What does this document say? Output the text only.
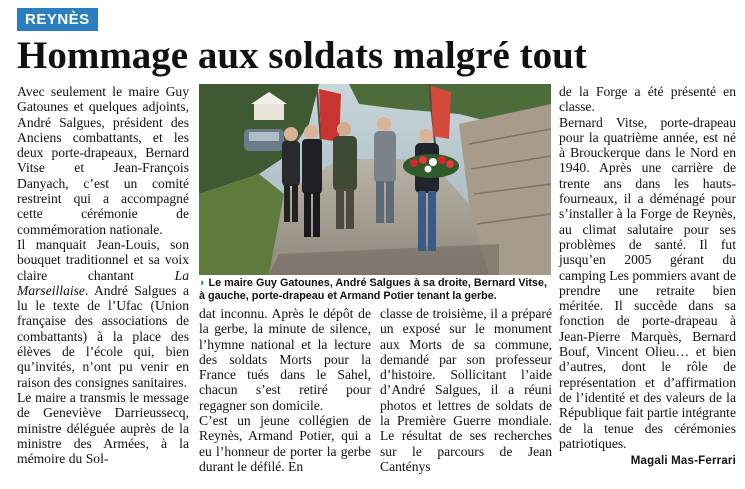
REYNÈS
Hommage aux soldats malgré tout

Avec seulement le maire Guy Gatounes et quelques adjoints, André Salgues, président des Anciens combattants, et les deux porte-drapeaux, Bernard Vitse et Jean-François Danyach, c’est un comité restreint qui a accompagné cette cérémonie de commémoration nationale.

Il manquait Jean-Louis, son bouquet traditionnel et sa voix claire chantant La Marseillaise. André Salgues a lu le texte de l’Ufac (Union française des associations de combattants) à la place des élèves de l’école qui, bien qu’invités, n’ont pu venir en raison des consignes sanitaires.

Le maire a transmis le message de Geneviève Darrieussecq, ministre déléguée auprès de la ministre des Armées, à la mémoire du Sol-

◗ Le maire Guy Gatounes, André Salgues à sa droite, Bernard Vitse, à gauche, porte-drapeau et Armand Potier tenant la gerbe.

dat inconnu. Après le dépôt de la gerbe, la minute de silence, l’hymne national et la lecture des soldats Morts pour la France tués dans le Sahel, chacun s’est retiré pour regagner son domicile.

C’est un jeune collégien de Reynès, Armand Potier, qui a eu l’honneur de porter la gerbe durant le défilé. En

classe de troisième, il a préparé un exposé sur le monument aux Morts de sa commune, demandé par son professeur d’histoire. Sollicitant l’aide d’André Salgues, il a réuni photos et lettres de soldats de la Première Guerre mondiale. Le résultat de ses recherches sur le parcours de Jean Canténys

de la Forge a été présenté en classe.

Bernard Vitse, porte-drapeau pour la quatrième année, est né à Brouckerque dans le Nord en 1940. Après une carrière de trente ans dans les hauts-fourneaux, il a déménagé pour s’installer à la Forge de Reynès, au climat salutaire pour ses problèmes de santé. Il fut jusqu’en 2005 gérant du camping Les pommiers avant de prendre une retraite bien méritée. Il succède dans sa fonction de porte-drapeau à Jean-Pierre Marquès, Bernard Bouf, Vincent Olieu… et bien d’autres, dont le rôle de représentation et d’affirmation de l’identité et des valeurs de la République fait partie intégrante de la tenue des cérémonies patriotiques.

Magali Mas-Ferrari
